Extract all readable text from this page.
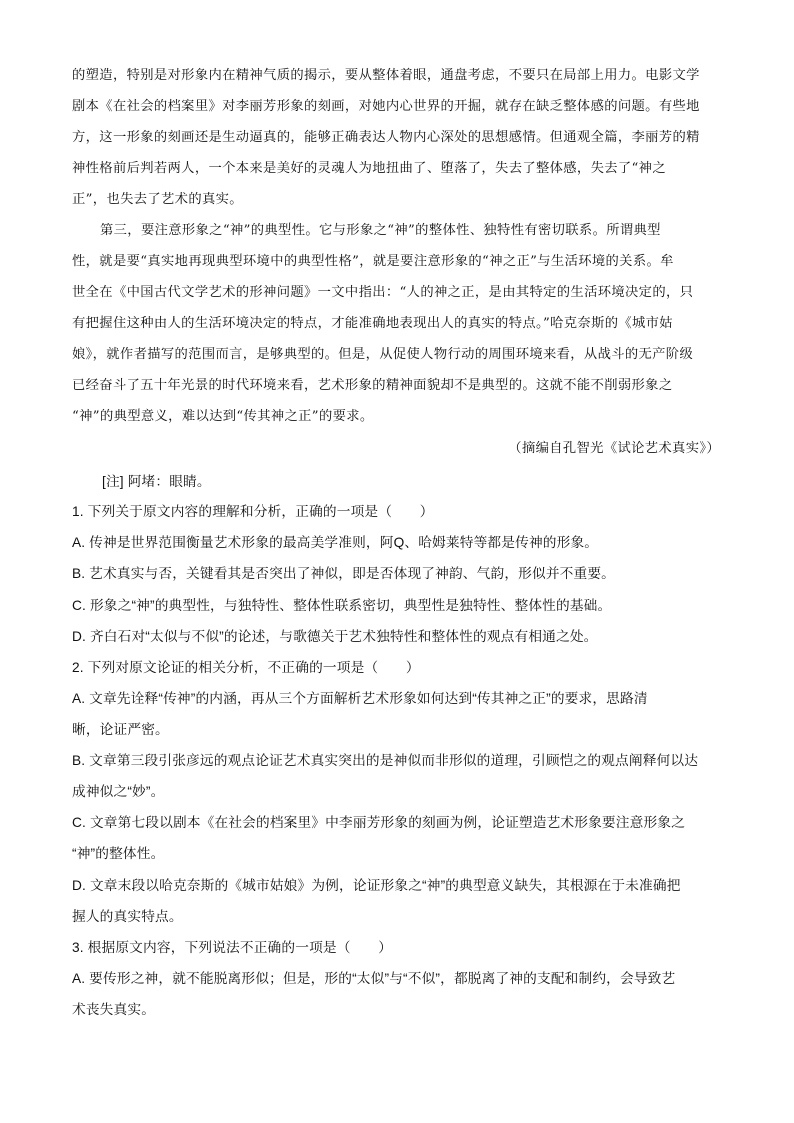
的塑造，特别是对形象内在精神气质的揭示，要从整体着眼，通盘考虑，不要只在局部上用力。电影文学
剧本《在社会的档案里》对李丽芳形象的刻画，对她内心世界的开掘，就存在缺乏整体感的问题。有些地
方，这一形象的刻画还是生动逼真的，能够正确表达人物内心深处的思想感情。但通观全篇，李丽芳的精
神性格前后判若两人，一个本来是美好的灵魂人为地扭曲了、堕落了，失去了整体感，失去了“神之
正”，也失去了艺术的真实。
第三，要注意形象之“神”的典型性。它与形象之“神”的整体性、独特性有密切联系。所谓典型
性，就是要“真实地再现典型环境中的典型性格”，就是要注意形象的“神之正”与生活环境的关系。牟
世全在《中国古代文学艺术的形神问题》一文中指出：“人的神之正，是由其特定的生活环境决定的，只
有把握住这种由人的生活环境决定的特点，才能准确地表现出人的真实的特点。”哈克奈斯的《城市姑
娘》，就作者描写的范围而言，是够典型的。但是，从促使人物行动的周围环境来看，从战斗的无产阶级
已经奋斗了五十年光景的时代环境来看，艺术形象的精神面貌却不是典型的。这就不能不削弱形象之
“神”的典型意义，难以达到“传其神之正”的要求。
（摘编自孔智光《试论艺术真实》）
[注] 阿堵：眼睛。
1. 下列关于原文内容的理解和分析，正确的一项是（　　）
A. 传神是世界范围衡量艺术形象的最高美学准则，阿Q、哈姆莱特等都是传神的形象。
B. 艺术真实与否，关键看其是否突出了神似，即是否体现了神韵、气韵，形似并不重要。
C. 形象之“神”的典型性，与独特性、整体性联系密切，典型性是独特性、整体性的基础。
D. 齐白石对“太似与不似”的论述，与歌德关于艺术独特性和整体性的观点有相通之处。
2. 下列对原文论证的相关分析，不正确的一项是（　　）
A. 文章先诠释“传神”的内涵，再从三个方面解析艺术形象如何达到“传其神之正”的要求，思路清
晰，论证严密。
B. 文章第三段引张彦远的观点论证艺术真实突出的是神似而非形似的道理，引顾恺之的观点阐释何以达
成神似之“妙”。
C. 文章第七段以剧本《在社会的档案里》中李丽芳形象的刻画为例，论证塑造艺术形象要注意形象之
“神”的整体性。
D. 文章末段以哈克奈斯的《城市姑娘》为例，论证形象之“神”的典型意义缺失，其根源在于未准确把
握人的真实特点。
3. 根据原文内容，下列说法不正确的一项是（　　）
A. 要传形之神，就不能脱离形似；但是，形的“太似”与“不似”，都脱离了神的支配和制约，会导致艺
术丧失真实。
